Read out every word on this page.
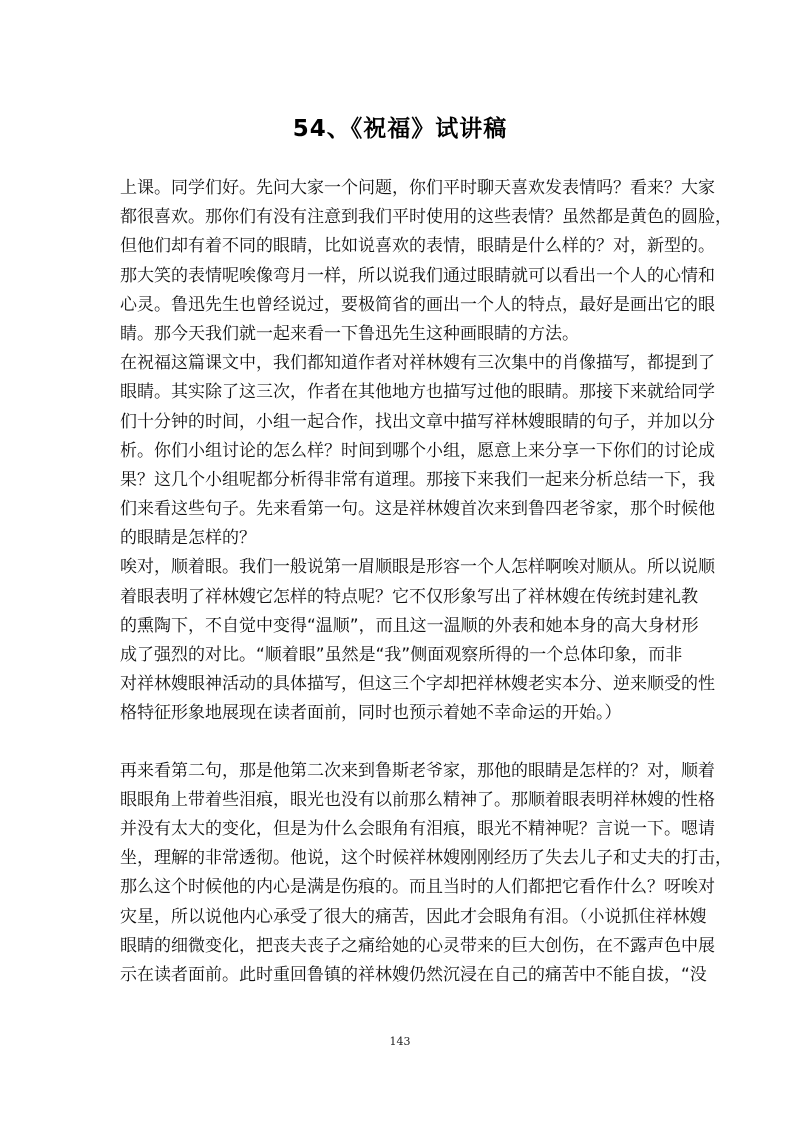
54、《祝福》试讲稿
上课。同学们好。先问大家一个问题，你们平时聊天喜欢发表情吗？看来？大家
都很喜欢。那你们有没有注意到我们平时使用的这些表情？虽然都是黄色的圆脸，
但他们却有着不同的眼睛，比如说喜欢的表情，眼睛是什么样的？对，新型的。
那大笑的表情呢唉像弯月一样，所以说我们通过眼睛就可以看出一个人的心情和
心灵。鲁迅先生也曾经说过，要极简省的画出一个人的特点，最好是画出它的眼
睛。那今天我们就一起来看一下鲁迅先生这种画眼睛的方法。
在祝福这篇课文中，我们都知道作者对祥林嫂有三次集中的肖像描写，都提到了
眼睛。其实除了这三次，作者在其他地方也描写过他的眼睛。那接下来就给同学
们十分钟的时间，小组一起合作，找出文章中描写祥林嫂眼睛的句子，并加以分
析。你们小组讨论的怎么样？时间到哪个小组，愿意上来分享一下你们的讨论成
果？这几个小组呢都分析得非常有道理。那接下来我们一起来分析总结一下，我
们来看这些句子。先来看第一句。这是祥林嫂首次来到鲁四老爷家，那个时候他
的眼睛是怎样的？
唉对，顺着眼。我们一般说第一眉顺眼是形容一个人怎样啊唉对顺从。所以说顺
着眼表明了祥林嫂它怎样的特点呢？它不仅形象写出了祥林嫂在传统封建礼教
的熏陶下，不自觉中变得“温顺”，而且这一温顺的外表和她本身的高大身材形
成了强烈的对比。“顺着眼”虽然是“我”侧面观察所得的一个总体印象，而非
对祥林嫂眼神活动的具体描写，但这三个字却把祥林嫂老实本分、逆来顺受的性
格特征形象地展现在读者面前，同时也预示着她不幸命运的开始。）
再来看第二句，那是他第二次来到鲁斯老爷家，那他的眼睛是怎样的？对，顺着
眼眼角上带着些泪痕，眼光也没有以前那么精神了。那顺着眼表明祥林嫂的性格
并没有太大的变化，但是为什么会眼角有泪痕，眼光不精神呢？言说一下。嗯请
坐，理解的非常透彻。他说，这个时候祥林嫂刚刚经历了失去儿子和丈夫的打击，
那么这个时候他的内心是满是伤痕的。而且当时的人们都把它看作什么？呀唉对
灾星，所以说他内心承受了很大的痛苦，因此才会眼角有泪。（小说抓住祥林嫂
眼睛的细微变化，把丧夫丧子之痛给她的心灵带来的巨大创伤，在不露声色中展
示在读者面前。此时重回鲁镇的祥林嫂仍然沉浸在自己的痛苦中不能自拔，“没
143
